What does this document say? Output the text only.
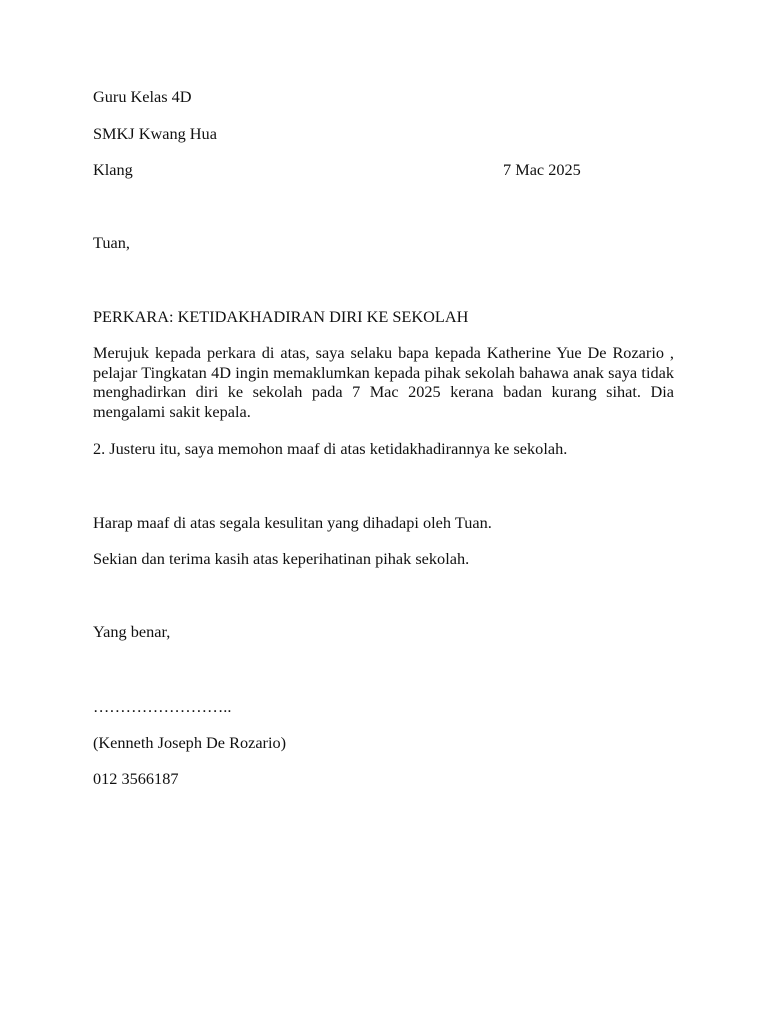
Guru Kelas 4D
SMKJ Kwang Hua
Klang	7 Mac 2025
Tuan,
PERKARA: KETIDAKHADIRAN DIRI KE SEKOLAH
Merujuk kepada perkara di atas, saya selaku bapa kepada Katherine Yue De Rozario , pelajar Tingkatan 4D ingin memaklumkan kepada pihak sekolah bahawa anak saya tidak menghadirkan diri ke sekolah pada 7 Mac 2025 kerana badan kurang sihat. Dia mengalami sakit kepala.
2. Justeru itu, saya memohon maaf di atas ketidakhadirannya ke sekolah.
Harap maaf di atas segala kesulitan yang dihadapi oleh Tuan.
Sekian dan terima kasih atas keperihatinan pihak sekolah.
Yang benar,
……………………..
(Kenneth Joseph De Rozario)
012 3566187
